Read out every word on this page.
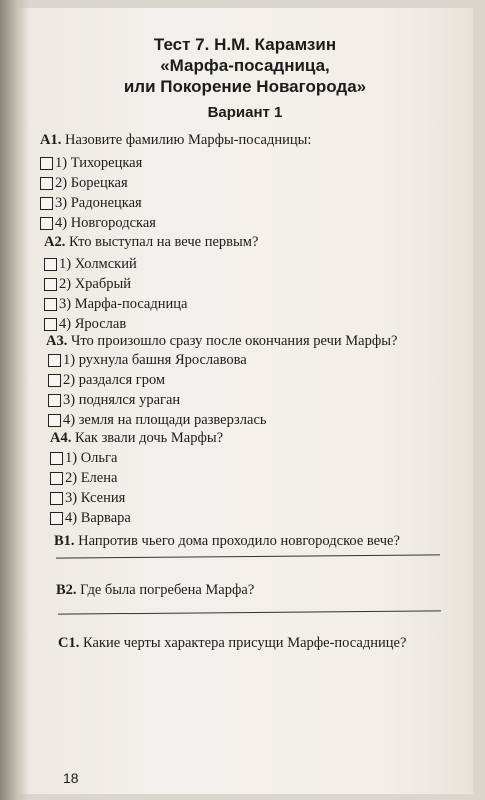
Тест 7. Н.М. Карамзин
«Марфа-посадница,
или Покорение Новагорода»
Вариант 1
А1. Назовите фамилию Марфы-посадницы:
1) Тихорецкая
2) Борецкая
3) Радонецкая
4) Новгородская
А2. Кто выступал на вече первым?
1) Холмский
2) Храбрый
3) Марфа-посадница
4) Ярослав
А3. Что произошло сразу после окончания речи Марфы?
1) рухнула башня Ярославова
2) раздался гром
3) поднялся ураган
4) земля на площади разверзлась
А4. Как звали дочь Марфы?
1) Ольга
2) Елена
3) Ксения
4) Варвара
В1. Напротив чьего дома проходило новгородское вече?
В2. Где была погребена Марфа?
С1. Какие черты характера присущи Марфе-посаднице?
18
